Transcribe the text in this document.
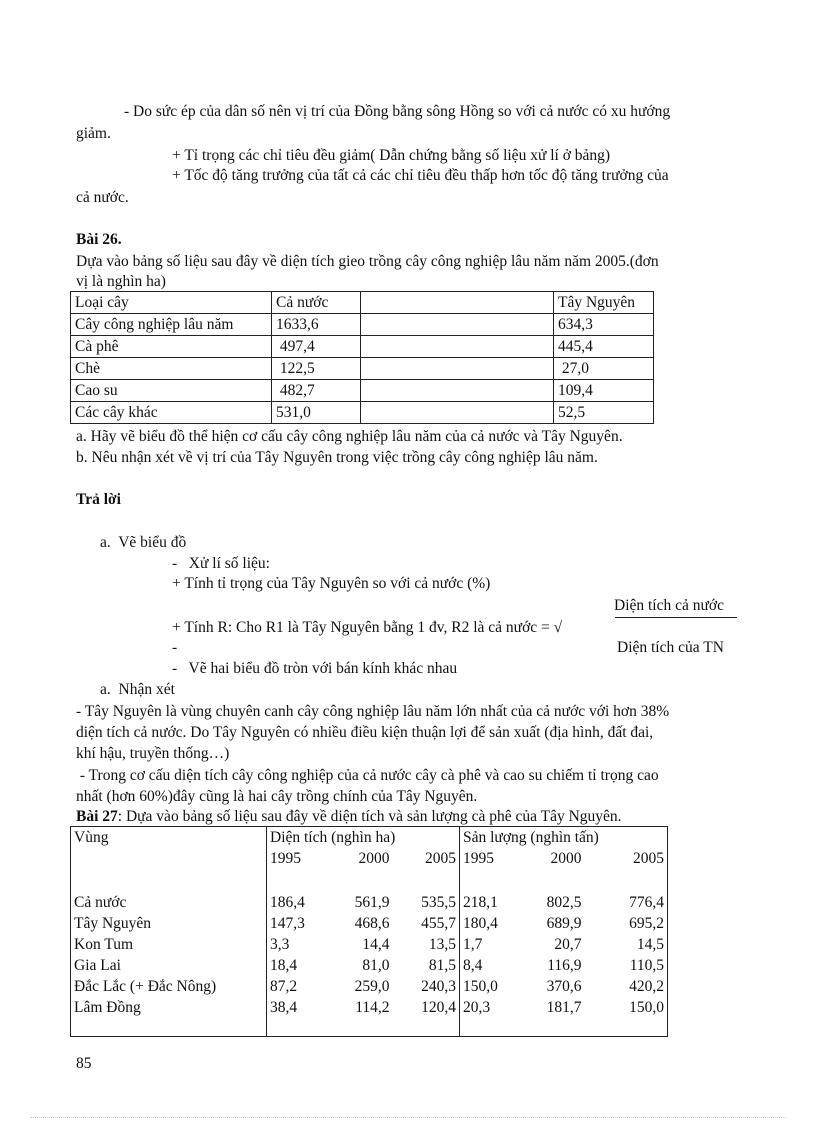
- Do sức ép của dân số nên vị trí của Đồng bằng sông Hồng so với cả nước có xu hướng
giảm.
+ Tỉ trọng các chỉ tiêu đều giảm( Dẫn chứng bằng số liệu xử lí ở bảng)
+ Tốc độ tăng trưởng của tất cả các chỉ tiêu đều thấp hơn tốc độ tăng trưởng của
cả nước.
Bài 26.
Dựa vào bảng số liệu sau đây về diện tích gieo trồng cây công nghiệp lâu năm năm 2005.(đơn
vị là nghìn ha)
Loại cây	Cả nước		Tây Nguyên
Cây công nghiệp lâu năm	1633,6		634,3
Cà phê	497,4		445,4
Chè	122,5		27,0
Cao su	482,7		109,4
Các cây khác	531,0		52,5
a. Hãy vẽ biểu đồ thể hiện cơ cấu cây công nghiệp lâu năm của cả nước và Tây Nguyên.
b. Nêu nhận xét về vị trí của Tây Nguyên trong việc trồng cây công nghiệp lâu năm.
Trả lời
a.  Vẽ biểu đồ
-   Xử lí số liệu:
+ Tính tỉ trọng của Tây Nguyên so với cả nước (%)
Diện tích cả nước
+ Tính R: Cho R1 là Tây Nguyên bằng 1 đv, R2 là cả nước = √
-	Diện tích của TN
-   Vẽ hai biểu đồ tròn với bán kính khác nhau
a.  Nhận xét
- Tây Nguyên là vùng chuyên canh cây công nghiệp lâu năm lớn nhất của cả nước với hơn 38%
diện tích cả nước. Do Tây Nguyên có nhiều điều kiện thuận lợi để sản xuất (địa hình, đất đai,
khí hậu, truyền thống…)
- Trong cơ cấu diện tích cây công nghiệp của cả nước cây cà phê và cao su chiếm tỉ trọng cao
nhất (hơn 60%)đây cũng là hai cây trồng chính của Tây Nguyên.
Bài 27: Dựa vào bảng số liệu sau đây về diện tích và sản lượng cà phê của Tây Nguyên.
Vùng	Diện tích (nghìn ha)			Sản lượng (nghìn tấn)		
	1995	2000	2005	1995	2000	2005

Cả nước	186,4	561,9	535,5	218,1	802,5	776,4
Tây Nguyên	147,3	468,6	455,7	180,4	689,9	695,2
Kon Tum	3,3	14,4	13,5	1,7	20,7	14,5
Gia Lai	18,4	81,0	81,5	8,4	116,9	110,5
Đắc Lắc (+ Đắc Nông)	87,2	259,0	240,3	150,0	370,6	420,2
Lâm Đồng	38,4	114,2	120,4	20,3	181,7	150,0

85
